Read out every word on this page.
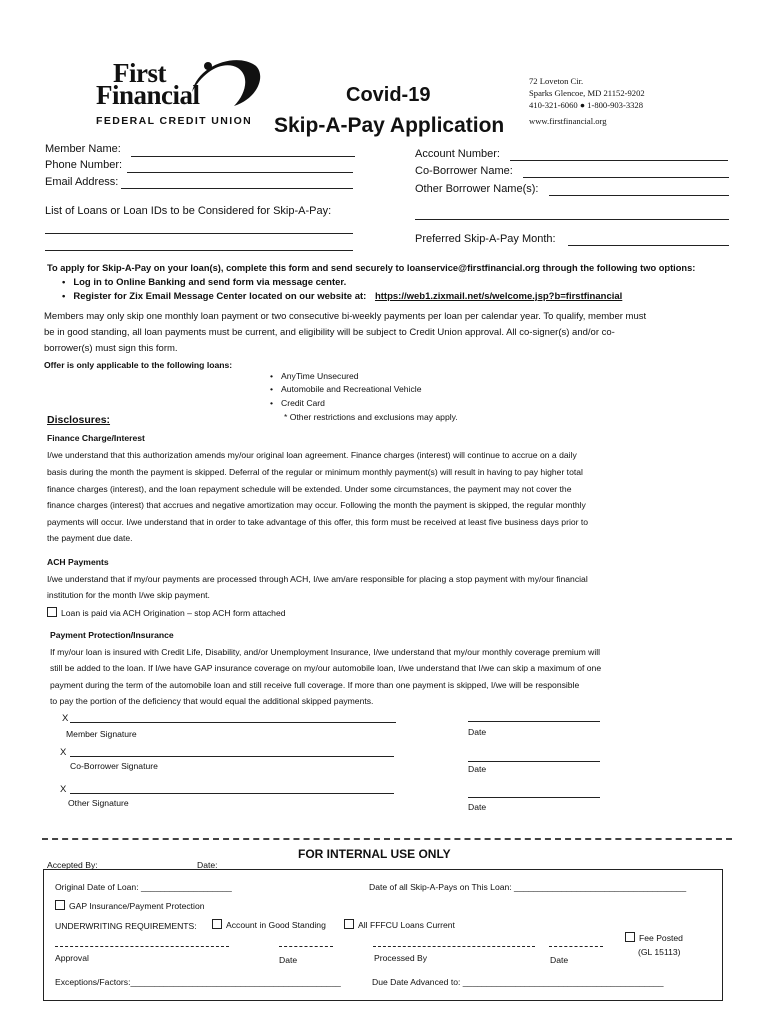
First
Financial
FEDERAL CREDIT UNION
Covid-19
Skip-A-Pay Application
72 Loveton Cir.
Sparks Glencoe, MD 21152-9202
410-321-6060 ● 1-800-903-3328
www.firstfinancial.org
Member Name:
Phone Number:
Email Address:
List of Loans or Loan IDs to be Considered for Skip-A-Pay:
Account Number:
Co-Borrower Name:
Other Borrower Name(s):
Preferred Skip-A-Pay Month:
To apply for Skip-A-Pay on your loan(s), complete this form and send securely to loanservice@firstfinancial.org through the following two options:
• Log in to Online Banking and send form via message center.
• Register for Zix Email Message Center located on our website at: https://web1.zixmail.net/s/welcome.jsp?b=firstfinancial
Members may only skip one monthly loan payment or two consecutive bi-weekly payments per loan per calendar year. To qualify, member must
be in good standing, all loan payments must be current, and eligibility will be subject to Credit Union approval. All co-signer(s) and/or co-
borrower(s) must sign this form.
Offer is only applicable to the following loans:
• AnyTime Unsecured
• Automobile and Recreational Vehicle
• Credit Card
* Other restrictions and exclusions may apply.
Disclosures:
Finance Charge/Interest
I/we understand that this authorization amends my/our original loan agreement. Finance charges (interest) will continue to accrue on a daily
basis during the month the payment is skipped. Deferral of the regular or minimum monthly payment(s) will result in having to pay higher total
finance charges (interest), and the loan repayment schedule will be extended. Under some circumstances, the payment may not cover the
finance charges (interest) that accrues and negative amortization may occur. Following the month the payment is skipped, the regular monthly
payments will occur. I/we understand that in order to take advantage of this offer, this form must be received at least five business days prior to
the payment due date.
ACH Payments
I/we understand that if my/our payments are processed through ACH, I/we am/are responsible for placing a stop payment with my/our financial
institution for the month I/we skip payment.
Loan is paid via ACH Origination – stop ACH form attached
Payment Protection/Insurance
If my/our loan is insured with Credit Life, Disability, and/or Unemployment Insurance, I/we understand that my/our monthly coverage premium will
still be added to the loan. If I/we have GAP insurance coverage on my/our automobile loan, I/we understand that I/we can skip a maximum of one
payment during the term of the automobile loan and still receive full coverage. If more than one payment is skipped, I/we will be responsible
to pay the portion of the deficiency that would equal the additional skipped payments.
X
Member Signature	Date
X
Co-Borrower Signature	Date
X
Other Signature	Date
FOR INTERNAL USE ONLY
Accepted By: __________________ Date: __________
Original Date of Loan: ___________________	Date of all Skip-A-Pays on This Loan: ____________________________________
GAP Insurance/Payment Protection
UNDERWRITING REQUIREMENTS:	Account in Good Standing	All FFFCU Loans Current
Fee Posted
(GL 15113)
Approval	Date	Processed By	Date
Exceptions/Factors:____________________________________________	Due Date Advanced to: __________________________________________
